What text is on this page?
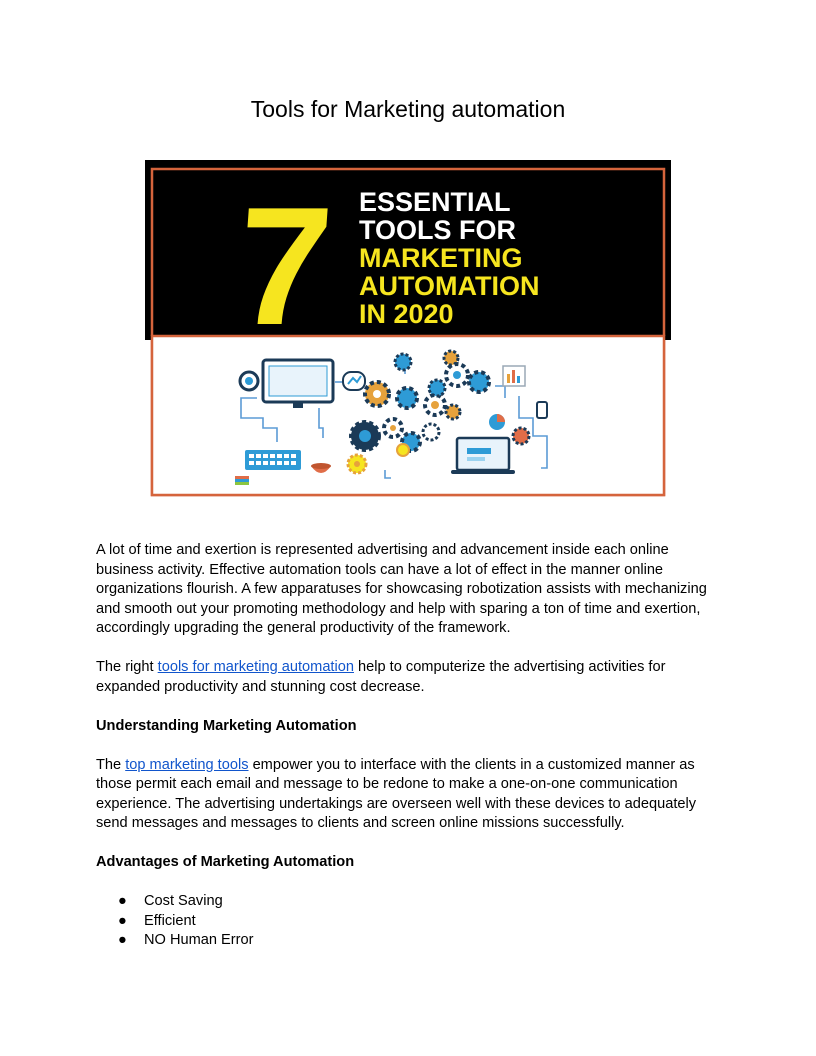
Tools for Marketing automation
7 ESSENTIAL
TOOLS FOR
MARKETING
AUTOMATION
IN 2020

A lot of time and exertion is represented advertising and advancement inside each online business activity. Effective automation tools can have a lot of effect in the manner online organizations flourish. A few apparatuses for showcasing robotization assists with mechanizing and smooth out your promoting methodology and help with sparing a ton of time and exertion, accordingly upgrading the general productivity of the framework.

The right tools for marketing automation help to computerize the advertising activities for expanded productivity and stunning cost decrease.

Understanding Marketing Automation

The top marketing tools empower you to interface with the clients in a customized manner as those permit each email and message to be redone to make a one-on-one communication experience. The advertising undertakings are overseen well with these devices to adequately send messages and messages to clients and screen online missions successfully.

Advantages of Marketing Automation
● Cost Saving
● Efficient
● NO Human Error
